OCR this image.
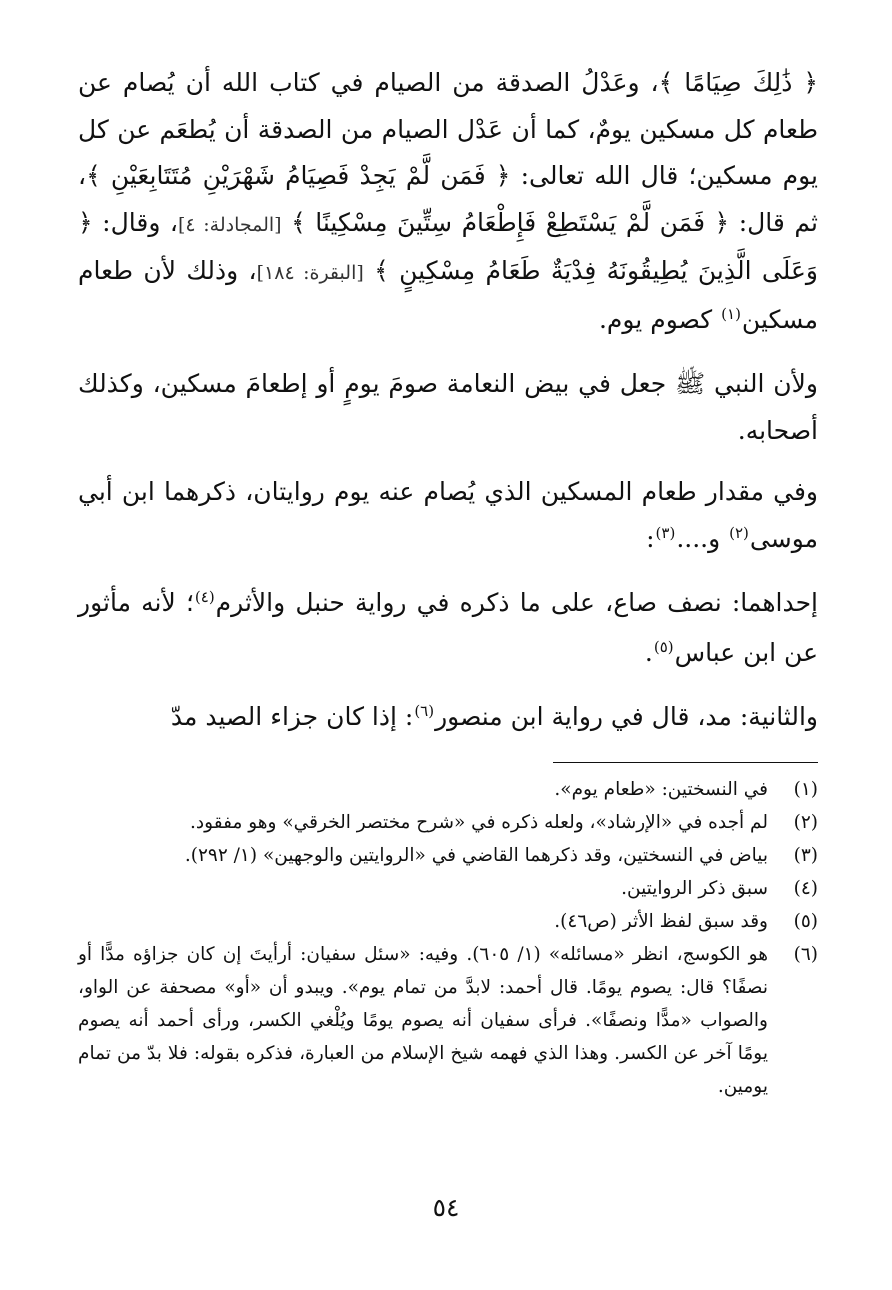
﴿ ذَٰلِكَ صِيَامًا ﴾، وعَدْلُ الصدقة من الصيام في كتاب الله أن يُصام عن طعام كل مسكين يومٌ، كما أن عَدْل الصيام من الصدقة أن يُطعَم عن كل يوم مسكين؛ قال الله تعالى: ﴿ فَمَن لَّمْ يَجِدْ فَصِيَامُ شَهْرَيْنِ مُتَتَابِعَيْنِ ﴾، ثم قال: ﴿ فَمَن لَّمْ يَسْتَطِعْ فَإِطْعَامُ سِتِّينَ مِسْكِينًا ﴾ [المجادلة: ٤]، وقال: ﴿ وَعَلَى الَّذِينَ يُطِيقُونَهُ فِدْيَةٌ طَعَامُ مِسْكِينٍ ﴾ [البقرة: ١٨٤]، وذلك لأن طعام مسكين$^{(١)}$ كصوم يوم.

ولأن النبي ﷺ جعل في بيض النعامة صومَ يومٍ أو إطعامَ مسكين، وكذلك أصحابه.

وفي مقدار طعام المسكين الذي يُصام عنه يوم روايتان، ذكرهما ابن أبي موسى$^{(٢)}$ و....$^{(٣)}$:

إحداهما: نصف صاع، على ما ذكره في رواية حنبل والأثرم$^{(٤)}$؛ لأنه مأثور عن ابن عباس$^{(٥)}$.

والثانية: مد، قال في رواية ابن منصور$^{(٦)}$: إذا كان جزاء الصيد مدّ

(١)
في النسختين: «طعام يوم».
(٢)
لم أجده في «الإرشاد»، ولعله ذكره في «شرح مختصر الخرقي» وهو مفقود.
(٣)
بياض في النسختين، وقد ذكرهما القاضي في «الروايتين والوجهين» (١/ ٢٩٢).
(٤)
سبق ذكر الروايتين.
(٥)
وقد سبق لفظ الأثر (ص٤٦).
(٦)
هو الكوسج، انظر «مسائله» (١/ ٦٠٥). وفيه: «سئل سفيان: أرأيتَ إن كان جزاؤه مدًّا أو نصفًا؟ قال: يصوم يومًا. قال أحمد: لابدَّ من تمام يوم». ويبدو أن «أو» مصحفة عن الواو، والصواب «مدًّا ونصفًا». فرأى سفيان أنه يصوم يومًا ويُلْغي الكسر، ورأى أحمد أنه يصوم يومًا آخر عن الكسر. وهذا الذي فهمه شيخ الإسلام من العبارة، فذكره بقوله: فلا بدّ من تمام يومين.
٥٤
